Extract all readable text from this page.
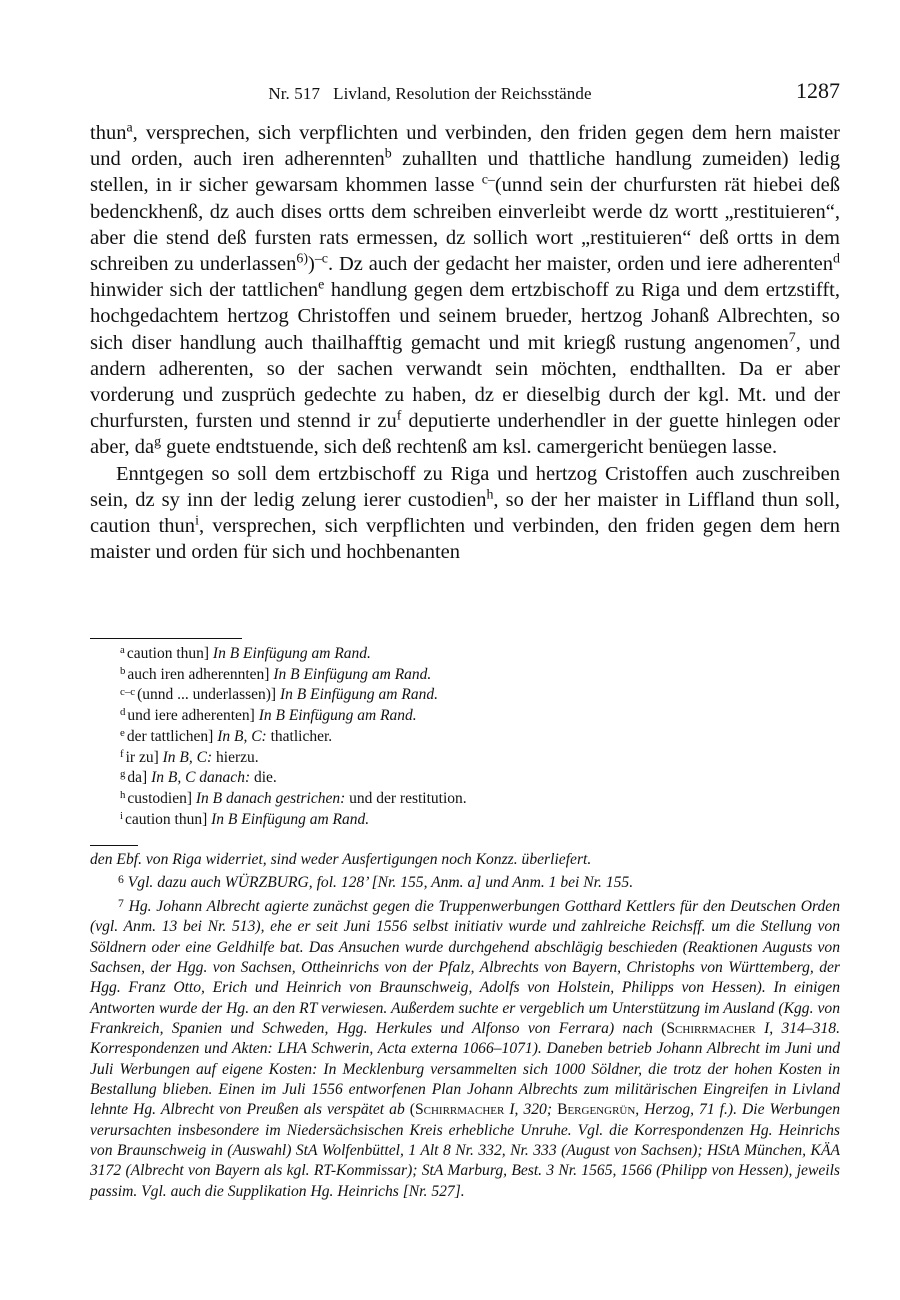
Nr. 517   Livland, Resolution der Reichsstände	1287

thun$^a$, versprechen, sich verpflichten und verbinden, den friden gegen dem hern maister und orden, auch iren adherennten$^b$ zuhallten und thattliche handlung zumeiden) ledig stellen, in ir sicher gewarsam khommen lasse $^{c-}$(unnd sein der churfursten rät hiebei deß bedenckhenß, dz auch dises ortts dem schreiben einverleibt werde dz wortt „restituieren“, aber die stend deß fursten rats ermessen, dz sollich wort „restituieren“ deß ortts in dem schreiben zu underlassen$^{6)}$)$^{-c}$. Dz auch der gedacht her maister, orden und iere adherenten$^d$ hinwider sich der tattlichen$^e$ handlung gegen dem ertzbischoff zu Riga und dem ertzstifft, hochgedachtem hertzog Christoffen und seinem brueder, hertzog Johanß Albrechten, so sich diser handlung auch thailhafftig gemacht und mit kriegß rustung angenomen$^7$, und andern adherenten, so der sachen verwandt sein möchten, endthallten. Da er aber vorderung und zusprüch gedechte zu haben, dz er dieselbig durch der kgl. Mt. und der churfursten, fursten und stennd ir $zu^f$ deputierte underhendler in der guette hinlegen oder aber, $da^g$ guete endtstuende, sich deß rechtenß am ksl. camergericht benüegen lasse.

Enntgegen so soll dem ertzbischoff zu Riga und hertzog Cristoffen auch zuschreiben sein, dz sy inn der ledig zelung ierer custodien$^h$, so der her maister in Liffland thun soll, caution thun$^i$, versprechen, sich verpflichten und verbinden, den friden gegen dem hern maister und orden für sich und hochbenanten

$^a$ caution thun] In B Einfügung am Rand.
$^b$ auch iren adherennten] In B Einfügung am Rand.
$^{c-c}$ (unnd ... underlassen)] In B Einfügung am Rand.
$^d$ und iere adherenten] In B Einfügung am Rand.
$^e$ der tattlichen] In B, C: thatlicher.
$^f$ ir zu] In B, C: hierzu.
$^g$ da] In B, C danach: die.
$^h$ custodien] In B danach gestrichen: und der restitution.
$^i$ caution thun] In B Einfügung am Rand.

den Ebf. von Riga widerriet, sind weder Ausfertigungen noch Konzz. überliefert.

$^6$ Vgl. dazu auch WÜRZBURG, fol. 128’ [Nr. 155, Anm. a] und Anm. 1 bei Nr. 155.

$^7$ Hg. Johann Albrecht agierte zunächst gegen die Truppenwerbungen Gotthard Kettlers für den Deutschen Orden (vgl. Anm. 13 bei Nr. 513), ehe er seit Juni 1556 selbst initiativ wurde und zahlreiche Reichsff. um die Stellung von Söldnern oder eine Geldhilfe bat. Das Ansuchen wurde durchgehend abschlägig beschieden (Reaktionen Augusts von Sachsen, der Hgg. von Sachsen, Ottheinrichs von der Pfalz, Albrechts von Bayern, Christophs von Württemberg, der Hgg. Franz Otto, Erich und Heinrich von Braunschweig, Adolfs von Holstein, Philipps von Hessen). In einigen Antworten wurde der Hg. an den RT verwiesen. Außerdem suchte er vergeblich um Unterstützung im Ausland (Kgg. von Frankreich, Spanien und Schweden, Hgg. Herkules und Alfonso von Ferrara) nach (Schirrmacher I, 314–318. Korrespondenzen und Akten: LHA Schwerin, Acta externa 1066–1071). Daneben betrieb Johann Albrecht im Juni und Juli Werbungen auf eigene Kosten: In Mecklenburg versammelten sich 1000 Söldner, die trotz der hohen Kosten in Bestallung blieben. Einen im Juli 1556 entworfenen Plan Johann Albrechts zum militärischen Eingreifen in Livland lehnte Hg. Albrecht von Preußen als verspätet ab (Schirrmacher I, 320; Bergengrün, Herzog, 71 f.). Die Werbungen verursachten insbesondere im Niedersächsischen Kreis erhebliche Unruhe. Vgl. die Korrespondenzen Hg. Heinrichs von Braunschweig in (Auswahl) StA Wolfenbüttel, 1 Alt 8 Nr. 332, Nr. 333 (August von Sachsen); HStA München, KÄA 3172 (Albrecht von Bayern als kgl. RT-Kommissar); StA Marburg, Best. 3 Nr. 1565, 1566 (Philipp von Hessen), jeweils passim. Vgl. auch die Supplikation Hg. Heinrichs [Nr. 527].
